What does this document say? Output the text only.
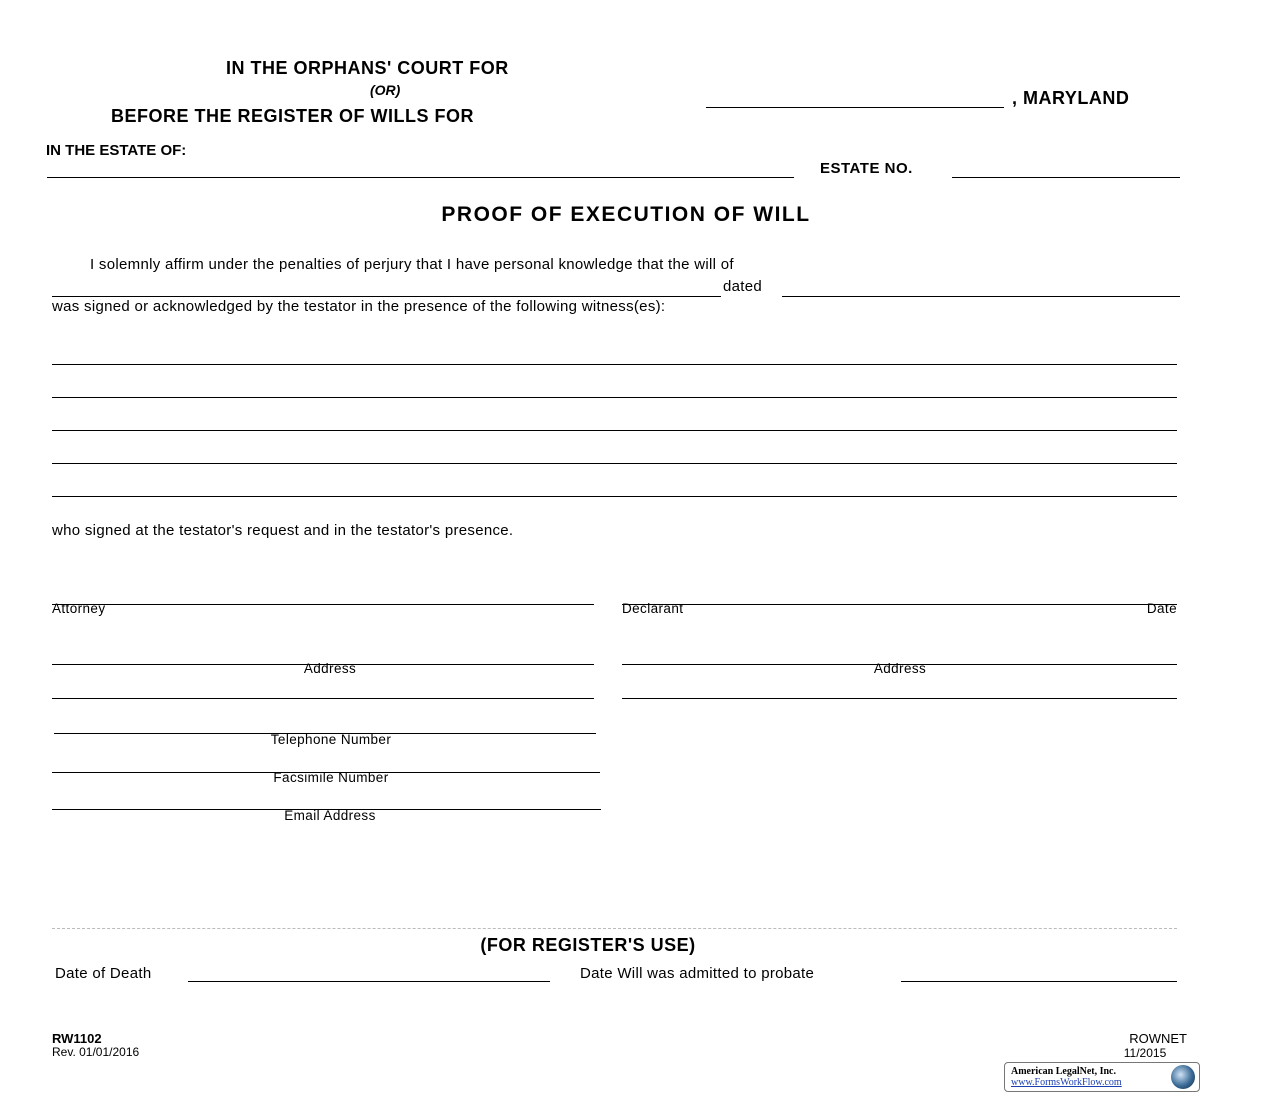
IN THE ORPHANS' COURT FOR
(OR)
BEFORE THE REGISTER OF WILLS FOR
, MARYLAND
IN THE ESTATE OF:
ESTATE NO.
PROOF OF EXECUTION OF WILL
I solemnly affirm under the penalties of perjury that I have personal knowledge that the will of
dated
was signed or acknowledged by the testator in the presence of the following witness(es):
who signed at the testator's request and in the testator's presence.
Attorney	Declarant	Date
Address	Address
Telephone Number
Facsimile Number
Email Address
(FOR REGISTER'S USE)
Date of Death	Date Will was admitted to probate
RW1102
Rev. 01/01/2016
ROWNET
11/2015
American LegalNet, Inc.
www.FormsWorkFlow.com
